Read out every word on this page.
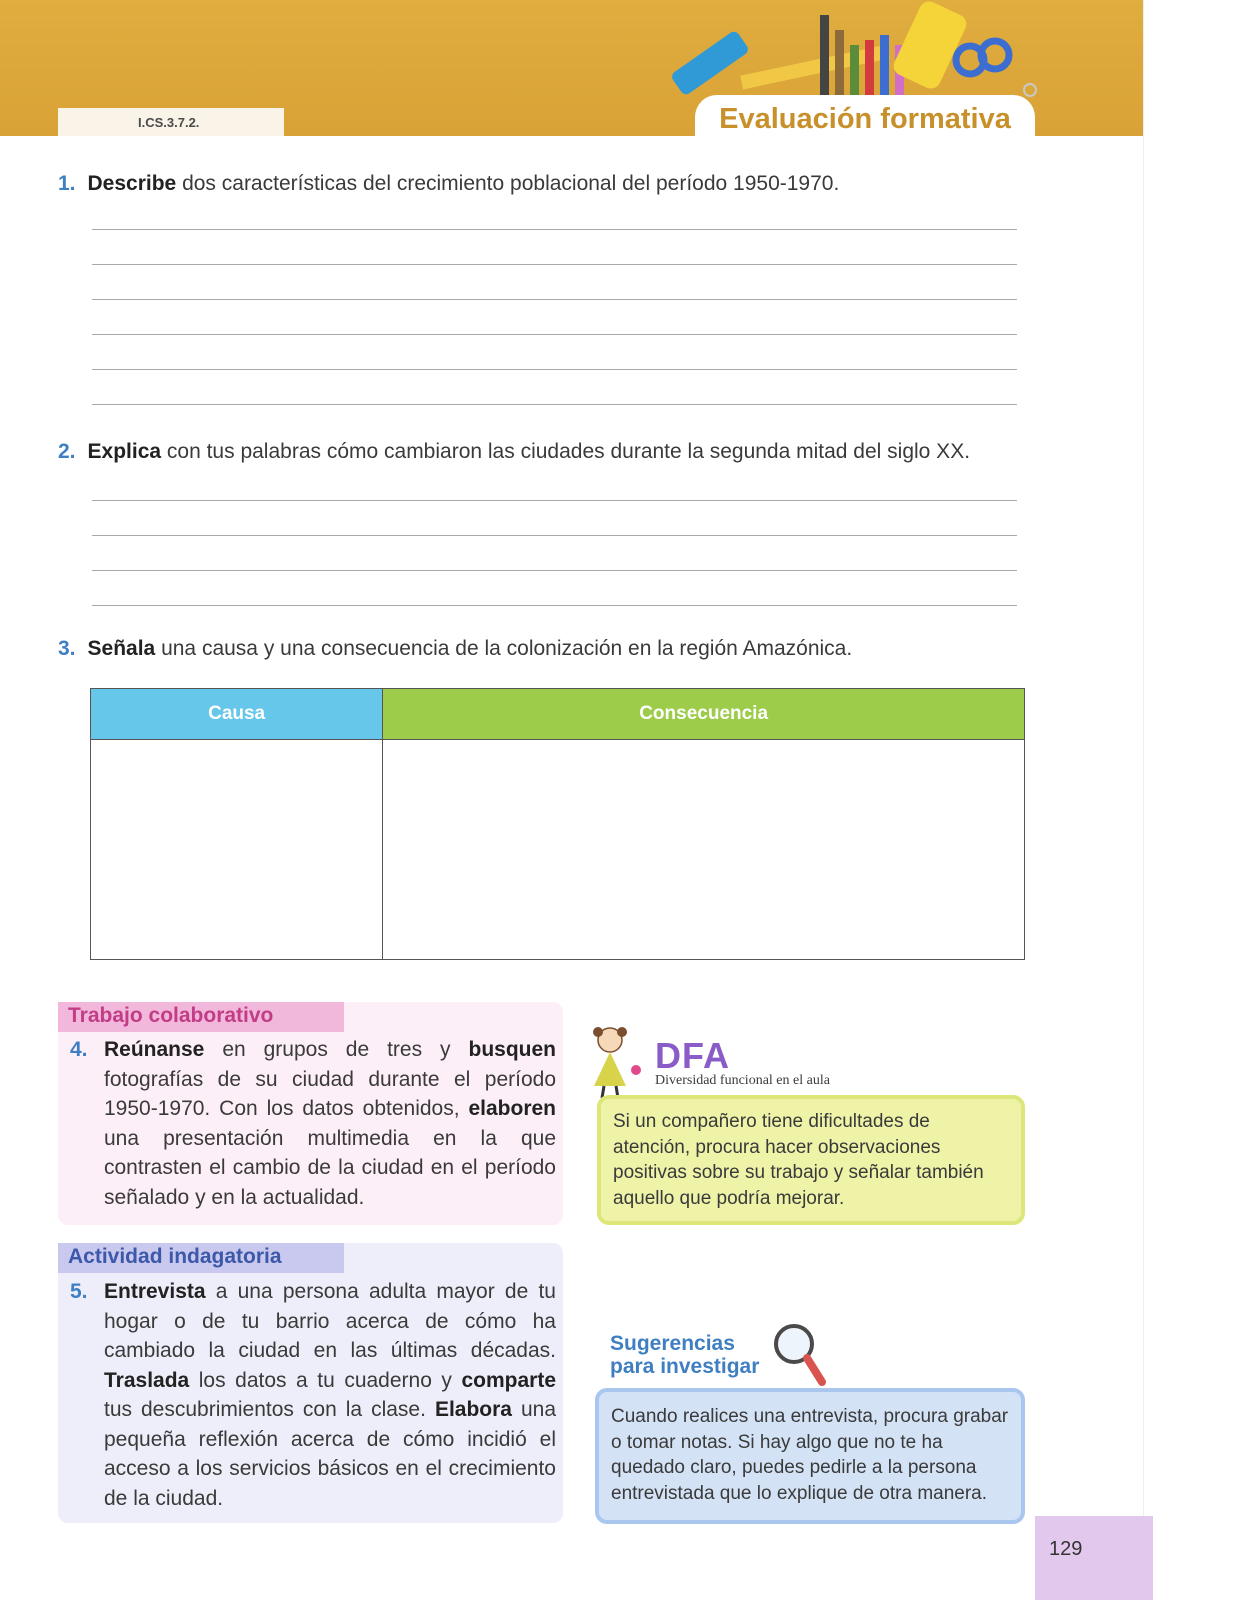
I.CS.3.7.2.	Evaluación formativa
1. Describe dos características del crecimiento poblacional del período 1950-1970.
2. Explica con tus palabras cómo cambiaron las ciudades durante la segunda mitad del siglo XX.
3. Señala una causa y una consecuencia de la colonización en la región Amazónica.
Causa	Consecuencia

Trabajo colaborativo
4. Reúnanse en grupos de tres y busquen fotografías de su ciudad durante el período 1950-1970. Con los datos obtenidos, elaboren una presentación multimedia en la que contrasten el cambio de la ciudad en el período señalado y en la actualidad.
Actividad indagatoria
5. Entrevista a una persona adulta mayor de tu hogar o de tu barrio acerca de cómo ha cambiado la ciudad en las últimas décadas. Traslada los datos a tu cuaderno y comparte tus descubrimientos con la clase. Elabora una pequeña reflexión acerca de cómo incidió el acceso a los servicios básicos en el crecimiento de la ciudad.
DFA
Diversidad funcional en el aula
Si un compañero tiene dificultades de atención, procura hacer observaciones positivas sobre su trabajo y señalar también aquello que podría mejorar.
Sugerencias
para investigar
Cuando realices una entrevista, procura grabar o tomar notas. Si hay algo que no te ha quedado claro, puedes pedirle a la persona entrevistada que lo explique de otra manera.
129
